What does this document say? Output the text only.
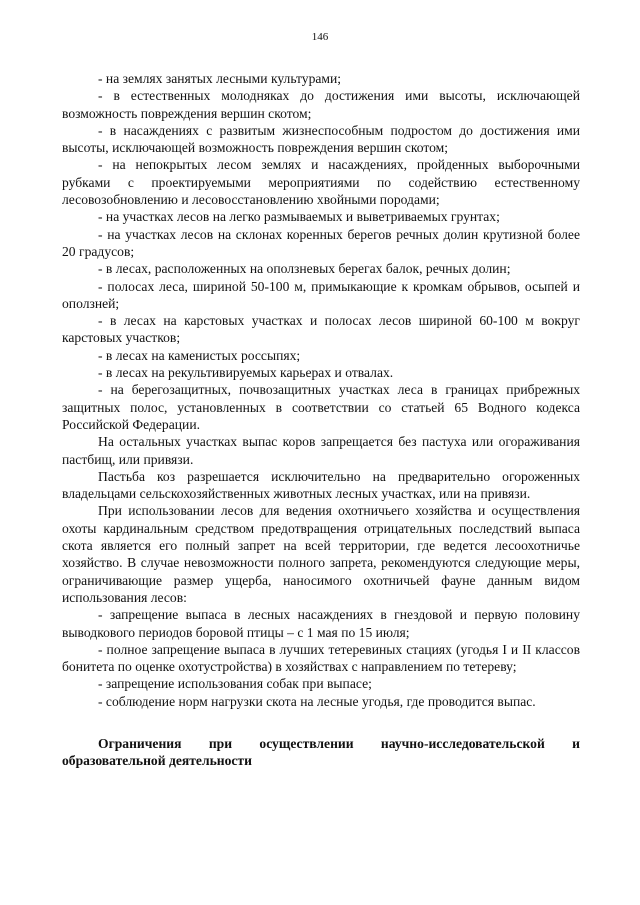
146

- на землях занятых лесными культурами;

- в естественных молодняках до достижения ими высоты, исключающей возможность повреждения вершин скотом;

- в насаждениях с развитым жизнеспособным подростом до достижения ими высоты, исключающей возможность повреждения вершин скотом;

- на непокрытых лесом землях и насаждениях, пройденных выборочными рубками с проектируемыми мероприятиями по содействию естественному лесовозобновлению и лесовосстановлению хвойными породами;

- на участках лесов на легко размываемых и выветриваемых грунтах;

- на участках лесов на склонах коренных берегов речных долин крутизной более 20 градусов;

- в лесах, расположенных на оползневых берегах балок, речных долин;

- полосах леса, шириной 50-100 м, примыкающие к кромкам обрывов, осыпей и оползней;

- в лесах на карстовых участках и полосах лесов шириной 60-100 м вокруг карстовых участков;

- в лесах на каменистых россыпях;

- в лесах на рекультивируемых карьерах и отвалах.

- на берегозащитных, почвозащитных участках леса в границах прибрежных защитных полос, установленных в соответствии со статьей 65 Водного кодекса Российской Федерации.

На остальных участках выпас коров запрещается без пастуха или огораживания пастбищ, или привязи.

Пастьба коз разрешается исключительно на предварительно огороженных владельцами сельскохозяйственных животных лесных участках, или на привязи.

При использовании лесов для ведения охотничьего хозяйства и осуществления охоты кардинальным средством предотвращения отрицательных последствий выпаса скота является его полный запрет на всей территории, где ведется лесоохотничье хозяйство. В случае невозможности полного запрета, рекомендуются следующие меры, ограничивающие размер ущерба, наносимого охотничьей фауне данным видом использования лесов:

- запрещение выпаса в лесных насаждениях в гнездовой и первую половину выводкового периодов боровой птицы – с 1 мая по 15 июля;

- полное запрещение выпаса в лучших тетеревиных стациях (угодья I и II классов бонитета по оценке охотустройства) в хозяйствах с направлением по тетереву;

- запрещение использования собак при выпасе;

- соблюдение норм нагрузки скота на лесные угодья, где проводится выпас.

Ограничения при осуществлении научно-исследовательской и образовательной деятельности
